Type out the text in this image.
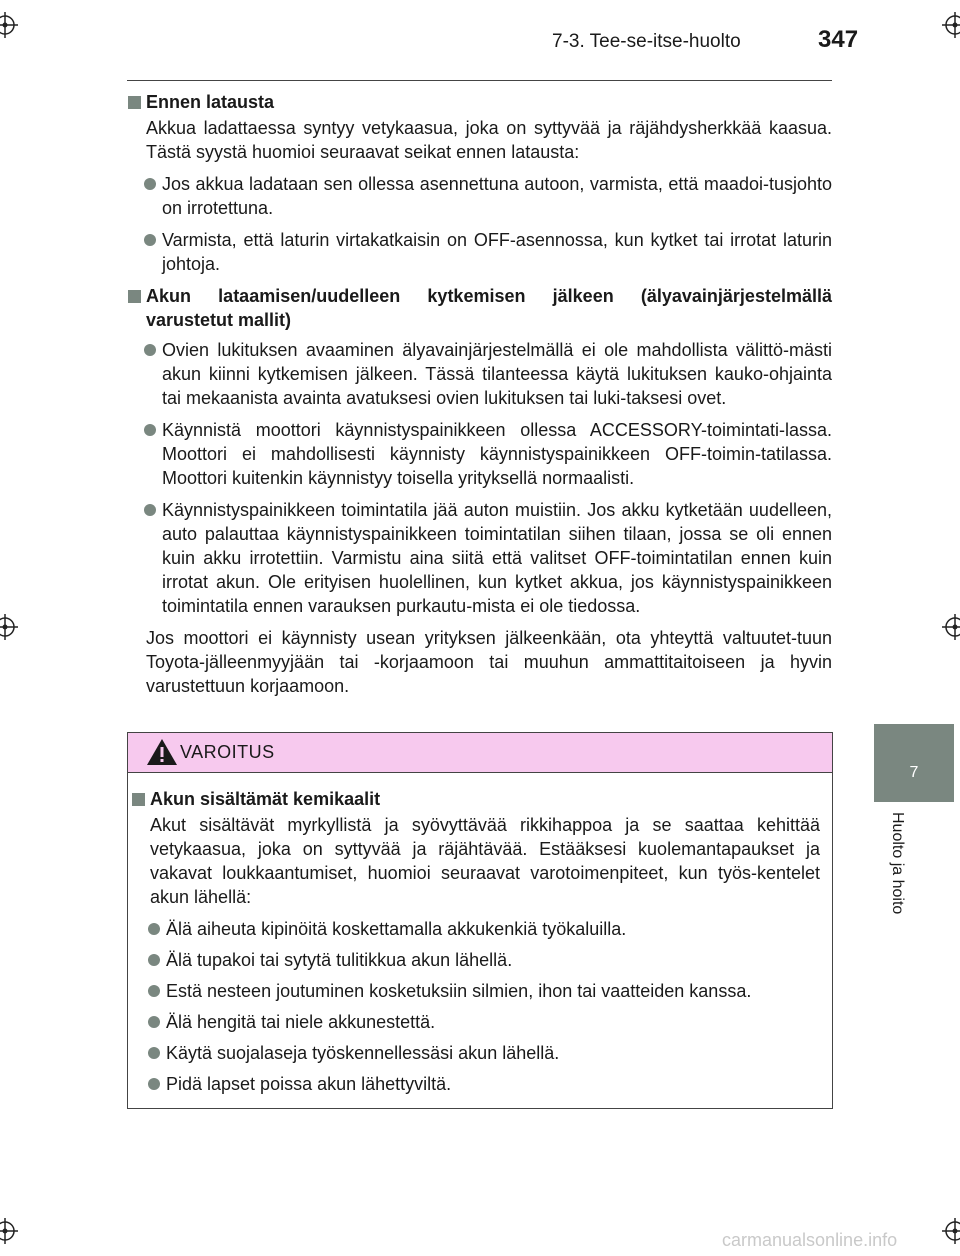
7-3. Tee-se-itse-huolto	347
7
Huolto ja hoito
Ennen latausta
Akkua ladattaessa syntyy vetykaasua, joka on syttyvää ja räjähdysherkkää kaasua. Tästä syystä huomioi seuraavat seikat ennen latausta:
Jos akkua ladataan sen ollessa asennettuna autoon, varmista, että maadoi-tusjohto on irrotettuna.
Varmista, että laturin virtakatkaisin on OFF-asennossa, kun kytket tai irrotat laturin johtoja.
Akun lataamisen/uudelleen kytkemisen jälkeen (älyavainjärjestelmällä varustetut mallit)
Ovien lukituksen avaaminen älyavainjärjestelmällä ei ole mahdollista välittö-mästi akun kiinni kytkemisen jälkeen. Tässä tilanteessa käytä lukituksen kauko-ohjainta tai mekaanista avainta avatuksesi ovien lukituksen tai luki-taksesi ovet.
Käynnistä moottori käynnistyspainikkeen ollessa ACCESSORY-toimintati-lassa. Moottori ei mahdollisesti käynnisty käynnistyspainikkeen OFF-toimin-tatilassa. Moottori kuitenkin käynnistyy toisella yrityksellä normaalisti.
Käynnistyspainikkeen toimintatila jää auton muistiin. Jos akku kytketään uudelleen, auto palauttaa käynnistyspainikkeen toimintatilan siihen tilaan, jossa se oli ennen kuin akku irrotettiin. Varmistu aina siitä että valitset OFF-toimintatilan ennen kuin irrotat akun. Ole erityisen huolellinen, kun kytket akkua, jos käynnistyspainikkeen toimintatila ennen varauksen purkautu-mista ei ole tiedossa.
Jos moottori ei käynnisty usean yrityksen jälkeenkään, ota yhteyttä valtuutet-tuun Toyota-jälleenmyyjään tai -korjaamoon tai muuhun ammattitaitoiseen ja hyvin varustettuun korjaamoon.
VAROITUS
Akun sisältämät kemikaalit
Akut sisältävät myrkyllistä ja syövyttävää rikkihappoa ja se saattaa kehittää vetykaasua, joka on syttyvää ja räjähtävää. Estääksesi kuolemantapaukset ja vakavat loukkaantumiset, huomioi seuraavat varotoimenpiteet, kun työs-kentelet akun lähellä:
Älä aiheuta kipinöitä koskettamalla akkukenkiä työkaluilla.
Älä tupakoi tai sytytä tulitikkua akun lähellä.
Estä nesteen joutuminen kosketuksiin silmien, ihon tai vaatteiden kanssa.
Älä hengitä tai niele akkunestettä.
Käytä suojalaseja työskennellessäsi akun lähellä.
Pidä lapset poissa akun lähettyviltä.
carmanualsonline.info
